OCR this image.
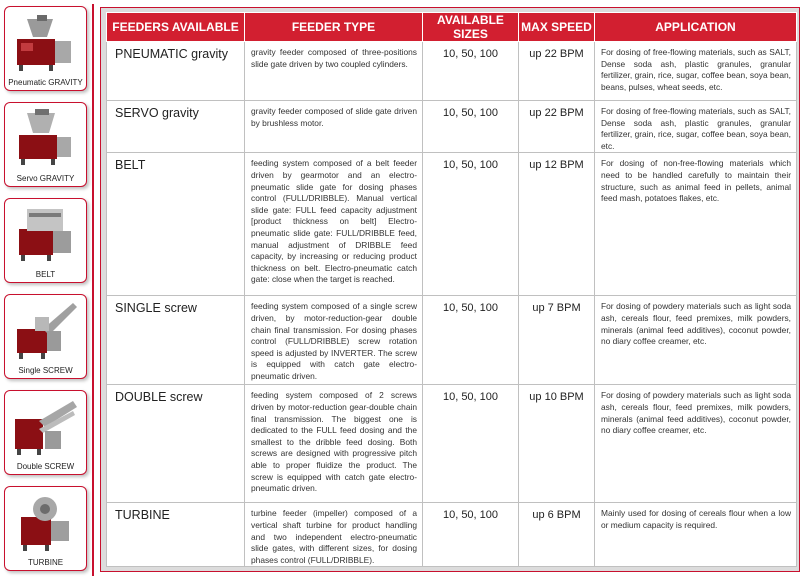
Pneumatic GRAVITY
Servo GRAVITY
BELT
Single SCREW
Double SCREW
TURBINE
FEEDERS AVAILABLE	FEEDER TYPE	AVAILABLE SIZES	MAX SPEED	APPLICATION
PNEUMATIC gravity	gravity feeder composed of three-positions slide gate driven by two coupled cylinders.	10, 50, 100	up 22 BPM	For dosing of free-flowing materials, such as SALT, Dense soda ash, plastic granules, granular fertilizer, grain, rice, sugar, coffee bean, soya bean, beans, pulses, wheat seeds, etc.
SERVO gravity	gravity feeder composed of slide gate driven by brushless motor.	10, 50, 100	up 22 BPM	For dosing of free-flowing materials, such as SALT, Dense soda ash, plastic granules, granular fertilizer, grain, rice, sugar, coffee bean, soya bean, etc.
BELT	feeding system composed of a belt feeder driven by gearmotor and an electro-pneumatic slide gate for dosing phases control (FULL/DRIBBLE). Manual vertical slide gate: FULL feed capacity adjustment [product thickness on belt] Electro-pneumatic slide gate: FULL/DRIBBLE feed, manual adjustment of DRIBBLE feed capacity, by increasing or reducing product thickness on belt. Electro-pneumatic catch gate: close when the target is reached.	10, 50, 100	up 12 BPM	For dosing of non-free-flowing materials which need to be handled carefully to maintain their structure, such as animal feed in pellets, animal feed mash, potatoes flakes, etc.
SINGLE screw	feeding system composed of a single screw driven, by motor-reduction-gear double chain final transmission. For dosing phases control (FULL/DRIBBLE) screw rotation speed is adjusted by INVERTER. The screw is equipped with catch gate electro-pneumatic driven.	10, 50, 100	up 7 BPM	For dosing of powdery materials such as light soda ash, cereals flour, feed premixes, milk powders, minerals (animal feed additives), coconut powder, no diary coffee creamer, etc.
DOUBLE screw	feeding system composed of 2 screws driven by motor-reduction gear-double chain final transmission. The biggest one is dedicated to the FULL feed dosing and the smallest to the dribble feed dosing. Both screws are designed with progressive pitch able to proper fluidize the product. The screw is equipped with catch gate electro-pneumatic driven.	10, 50, 100	up 10 BPM	For dosing of powdery materials such as light soda ash, cereals flour, feed premixes, milk powders, minerals (animal feed additives), coconut powder, no diary coffee creamer, etc.
TURBINE	turbine feeder (impeller) composed of a vertical shaft turbine for product handling and two independent electro-pneumatic slide gates, with different sizes, for dosing phases control (FULL/DRIBBLE).	10, 50, 100	up 6 BPM	Mainly used for dosing of cereals flour when a low or medium capacity is required.
